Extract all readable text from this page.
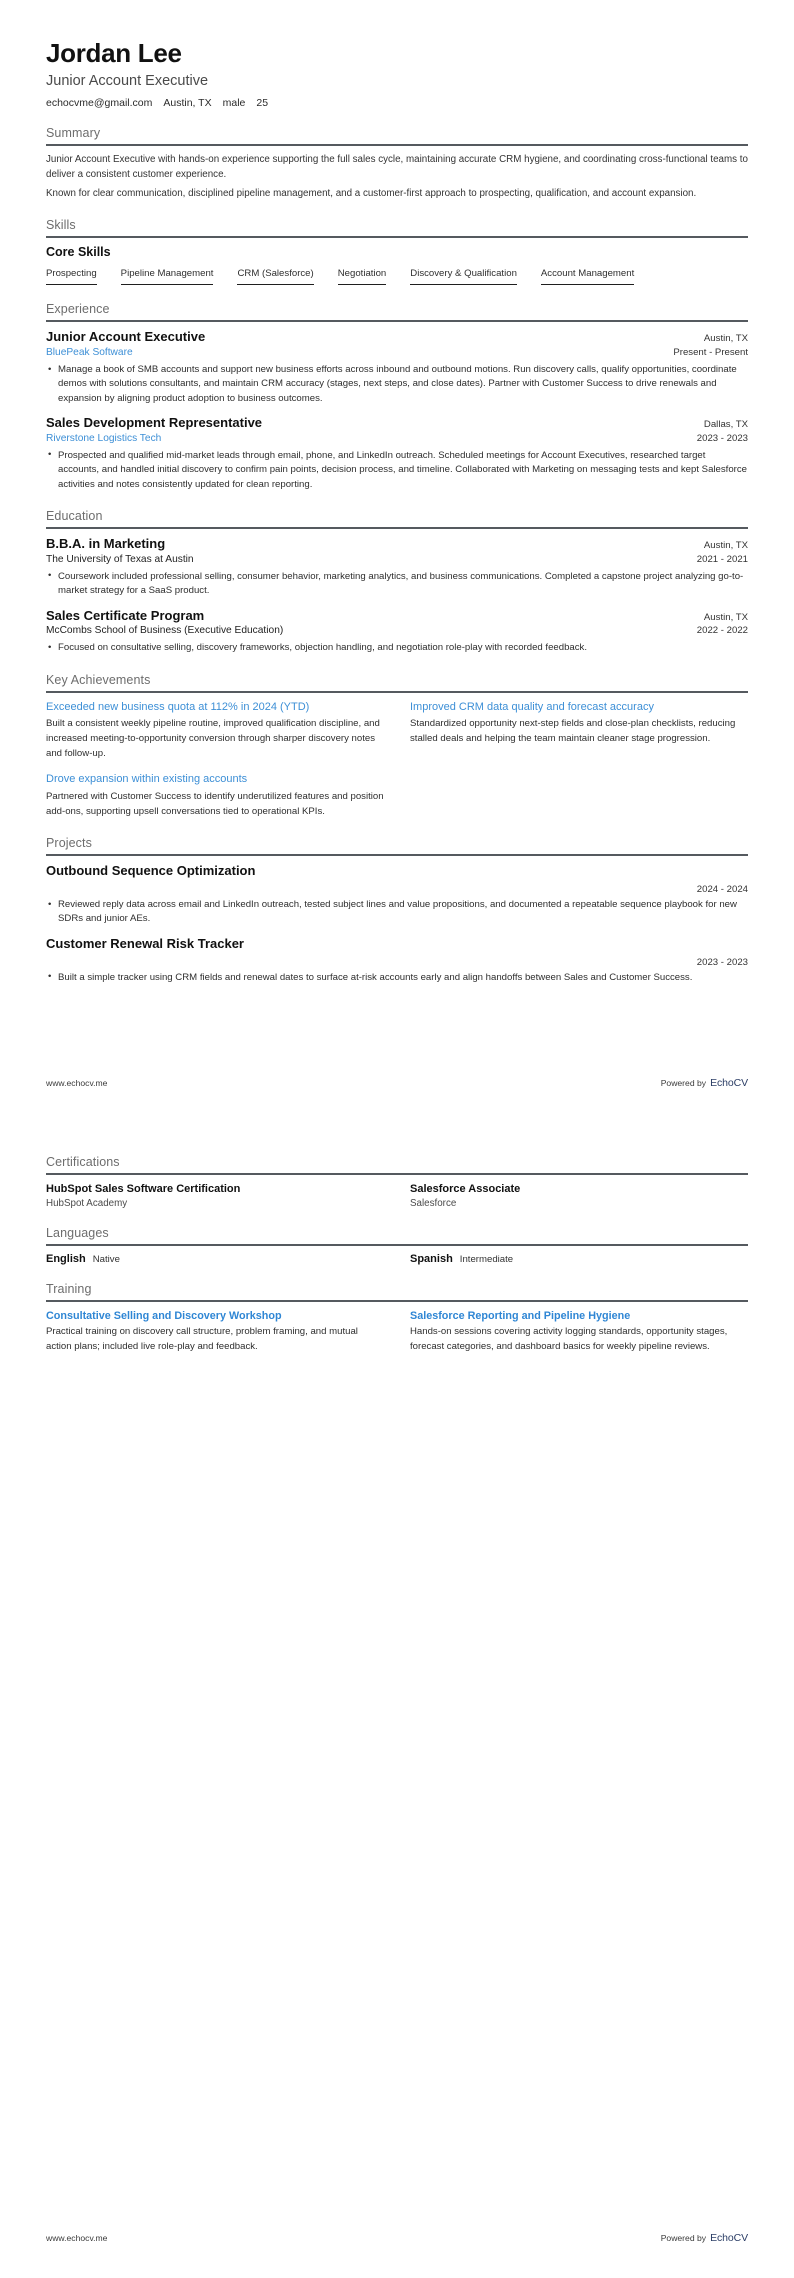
Jordan Lee
Junior Account Executive
echocvme@gmail.com Austin, TX male 25
Summary

Junior Account Executive with hands-on experience supporting the full sales cycle, maintaining accurate CRM hygiene, and coordinating cross-functional teams to deliver a consistent customer experience.

Known for clear communication, disciplined pipeline management, and a customer-first approach to prospecting, qualification, and account expansion.

Skills
Core Skills
Prospecting	Pipeline Management	CRM (Salesforce)	Negotiation	Discovery & Qualification	Account Management
Experience
Junior Account Executive	Austin, TX
BluePeak Software	Present - Present
• Manage a book of SMB accounts and support new business efforts across inbound and outbound motions. Run discovery calls, qualify opportunities, coordinate demos with solutions consultants, and maintain CRM accuracy (stages, next steps, and close dates). Partner with Customer Success to drive renewals and expansion by aligning product adoption to business outcomes.
Sales Development Representative	Dallas, TX
Riverstone Logistics Tech	2023 - 2023
• Prospected and qualified mid-market leads through email, phone, and LinkedIn outreach. Scheduled meetings for Account Executives, researched target accounts, and handled initial discovery to confirm pain points, decision process, and timeline. Collaborated with Marketing on messaging tests and kept Salesforce activities and notes consistently updated for clean reporting.
Education
B.B.A. in Marketing	Austin, TX
The University of Texas at Austin	2021 - 2021
• Coursework included professional selling, consumer behavior, marketing analytics, and business communications. Completed a capstone project analyzing go-to-market strategy for a SaaS product.
Sales Certificate Program	Austin, TX
McCombs School of Business (Executive Education)	2022 - 2022
• Focused on consultative selling, discovery frameworks, objection handling, and negotiation role-play with recorded feedback.
Key Achievements
Exceeded new business quota at 112% in 2024 (YTD)
Built a consistent weekly pipeline routine, improved qualification discipline, and increased meeting-to-opportunity conversion through sharper discovery notes and follow-up.
Improved CRM data quality and forecast accuracy
Standardized opportunity next-step fields and close-plan checklists, reducing stalled deals and helping the team maintain cleaner stage progression.
Drove expansion within existing accounts
Partnered with Customer Success to identify underutilized features and position add-ons, supporting upsell conversations tied to operational KPIs.
Projects
Outbound Sequence Optimization
2024 - 2024
• Reviewed reply data across email and LinkedIn outreach, tested subject lines and value propositions, and documented a repeatable sequence playbook for new SDRs and junior AEs.
Customer Renewal Risk Tracker
2023 - 2023
• Built a simple tracker using CRM fields and renewal dates to surface at-risk accounts early and align handoffs between Sales and Customer Success.
www.echocv.me	Powered by EchoCV
Certifications
HubSpot Sales Software Certification
HubSpot Academy
Salesforce Associate
Salesforce
Languages
English Native	Spanish Intermediate
Training
Consultative Selling and Discovery Workshop
Practical training on discovery call structure, problem framing, and mutual action plans; included live role-play and feedback.
Salesforce Reporting and Pipeline Hygiene
Hands-on sessions covering activity logging standards, opportunity stages, forecast categories, and dashboard basics for weekly pipeline reviews.
www.echocv.me	Powered by EchoCV
